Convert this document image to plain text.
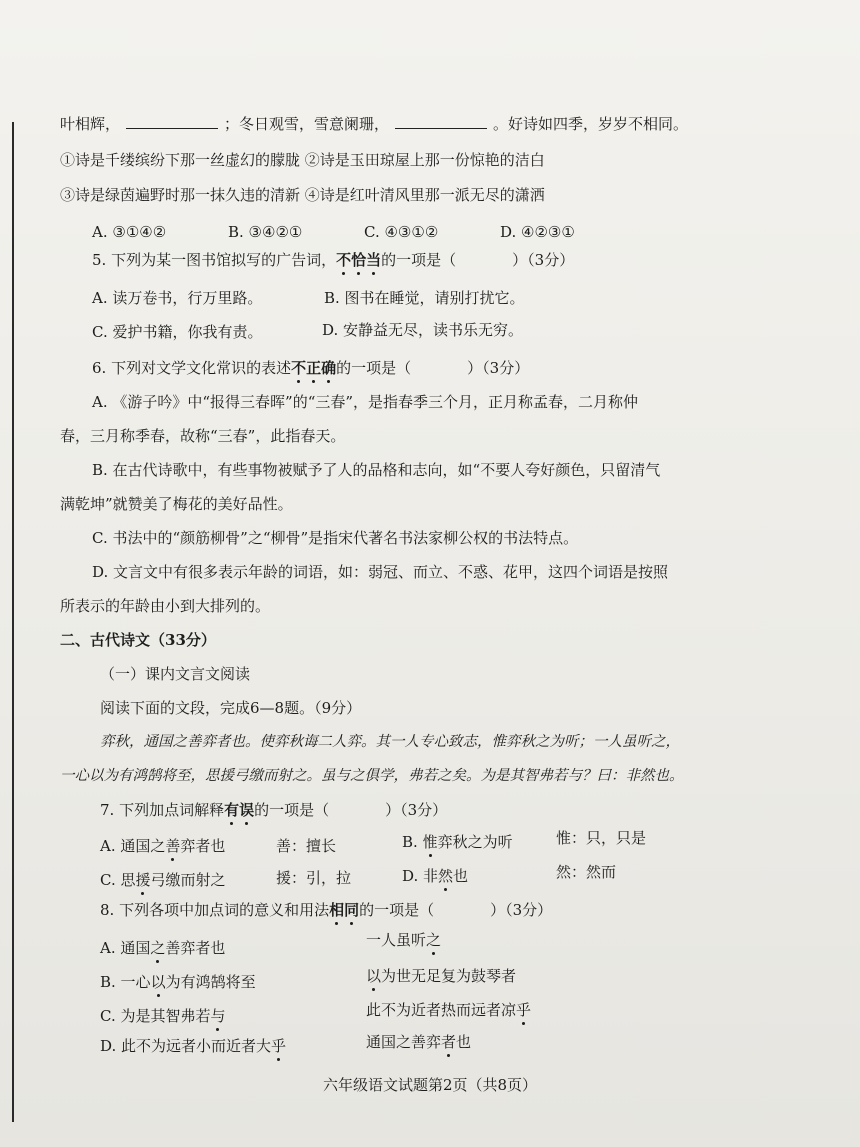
叶相辉，	；冬日观雪，雪意阑珊，	。好诗如四季，岁岁不相同。
①诗是千缕缤纷下那一丝虚幻的朦胧 ②诗是玉田琼屋上那一份惊艳的洁白
③诗是绿茵遍野时那一抹久违的清新 ④诗是红叶清风里那一派无尽的潇洒
A. ③①④②	B. ③④②①	C. ④③①②	D. ④②③①
5. 下列为某一图书馆拟写的广告词，不恰当的一项是（	）（3分）
A. 读万卷书，行万里路。	B. 图书在睡觉，请别打扰它。
C. 爱护书籍，你我有责。	D. 安静益无尽，读书乐无穷。
6. 下列对文学文化常识的表述不正确的一项是（	）（3分）
A. 《游子吟》中“报得三春晖”的“三春”，是指春季三个月，正月称孟春，二月称仲
春，三月称季春，故称“三春”，此指春天。
B. 在古代诗歌中，有些事物被赋予了人的品格和志向，如“不要人夸好颜色，只留清气
满乾坤”就赞美了梅花的美好品性。
C. 书法中的“颜筋柳骨”之“柳骨”是指宋代著名书法家柳公权的书法特点。
D. 文言文中有很多表示年龄的词语，如：弱冠、而立、不惑、花甲，这四个词语是按照
所表示的年龄由小到大排列的。
二、古代诗文（33分）
（一）课内文言文阅读
阅读下面的文段，完成6—8题。（9分）
弈秋，通国之善弈者也。使弈秋诲二人弈。其一人专心致志，惟弈秋之为听；一人虽听之，
一心以为有鸿鹄将至，思援弓缴而射之。虽与之俱学，弗若之矣。为是其智弗若与？曰：非然也。
7. 下列加点词解释有误的一项是（	）（3分）
A. 通国之善弈者也	善：擅长	B. 惟弈秋之为听	惟：只，只是
C. 思援弓缴而射之	援：引，拉	D. 非然也	然：然而
8. 下列各项中加点词的意义和用法相同的一项是（	）（3分）
A. 通国之善弈者也	一人虽听之
B. 一心以为有鸿鹄将至	以为世无足复为鼓琴者
C. 为是其智弗若与	此不为近者热而远者凉乎
D. 此不为远者小而近者大乎	通国之善弈者也
六年级语文试题第2页（共8页）
